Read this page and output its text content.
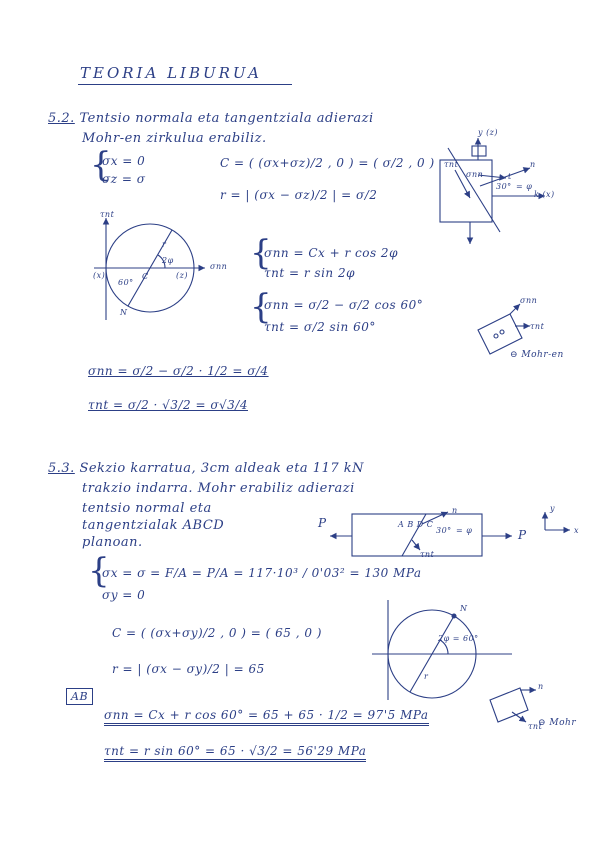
TEORIA LIBURUA
5.2. Tentsio normala eta tangentziala adierazi
Mohr-en zirkulua erabiliz.
{
σx = 0
σz = σ
C = ( (σx+σz)/2 , 0 ) = ( σ/2 , 0 )
r = | (σx − σz)/2 | = σ/2
{
σnn = Cx + r cos 2φ
τnt = r sin 2φ
{
σnn = σ/2 − σ/2 cos 60°
τnt = σ/2 sin 60°
σnn = σ/2 − σ/2 · 1/2 = σ/4
τnt = σ/2 · √3/2 = σ√3/4
⊖ Mohr-en
5.3. Sekzio karratua, 3cm aldeak eta 117 kN
trakzio indarra. Mohr erabiliz adierazi
tentsio normal eta
tangentzialak ABCD
planoan.
{
σx = σ = F/A = P/A = 117·10³ / 0'03² = 130 MPa
σy = 0
C = ( (σx+σy)/2 , 0 ) = ( 65 , 0 )
r = | (σx − σy)/2 | = 65
AB
σnn = Cx + r cos 60° = 65 + 65 · 1/2 = 97'5 MPa
τnt = r sin 60° = 65 · √3/2 = 56'29 MPa
⊖ Mohr
τnt
σnn
2φ
60°
N
C
r
(x)	(z)
y (z)
k (x)
n
t
30° = φ
σnn
τnt
σnn
τnt
P
P
A B D C
30° = φ
τnt
n	y
x
N
2φ = 60°
r
n
τnt
